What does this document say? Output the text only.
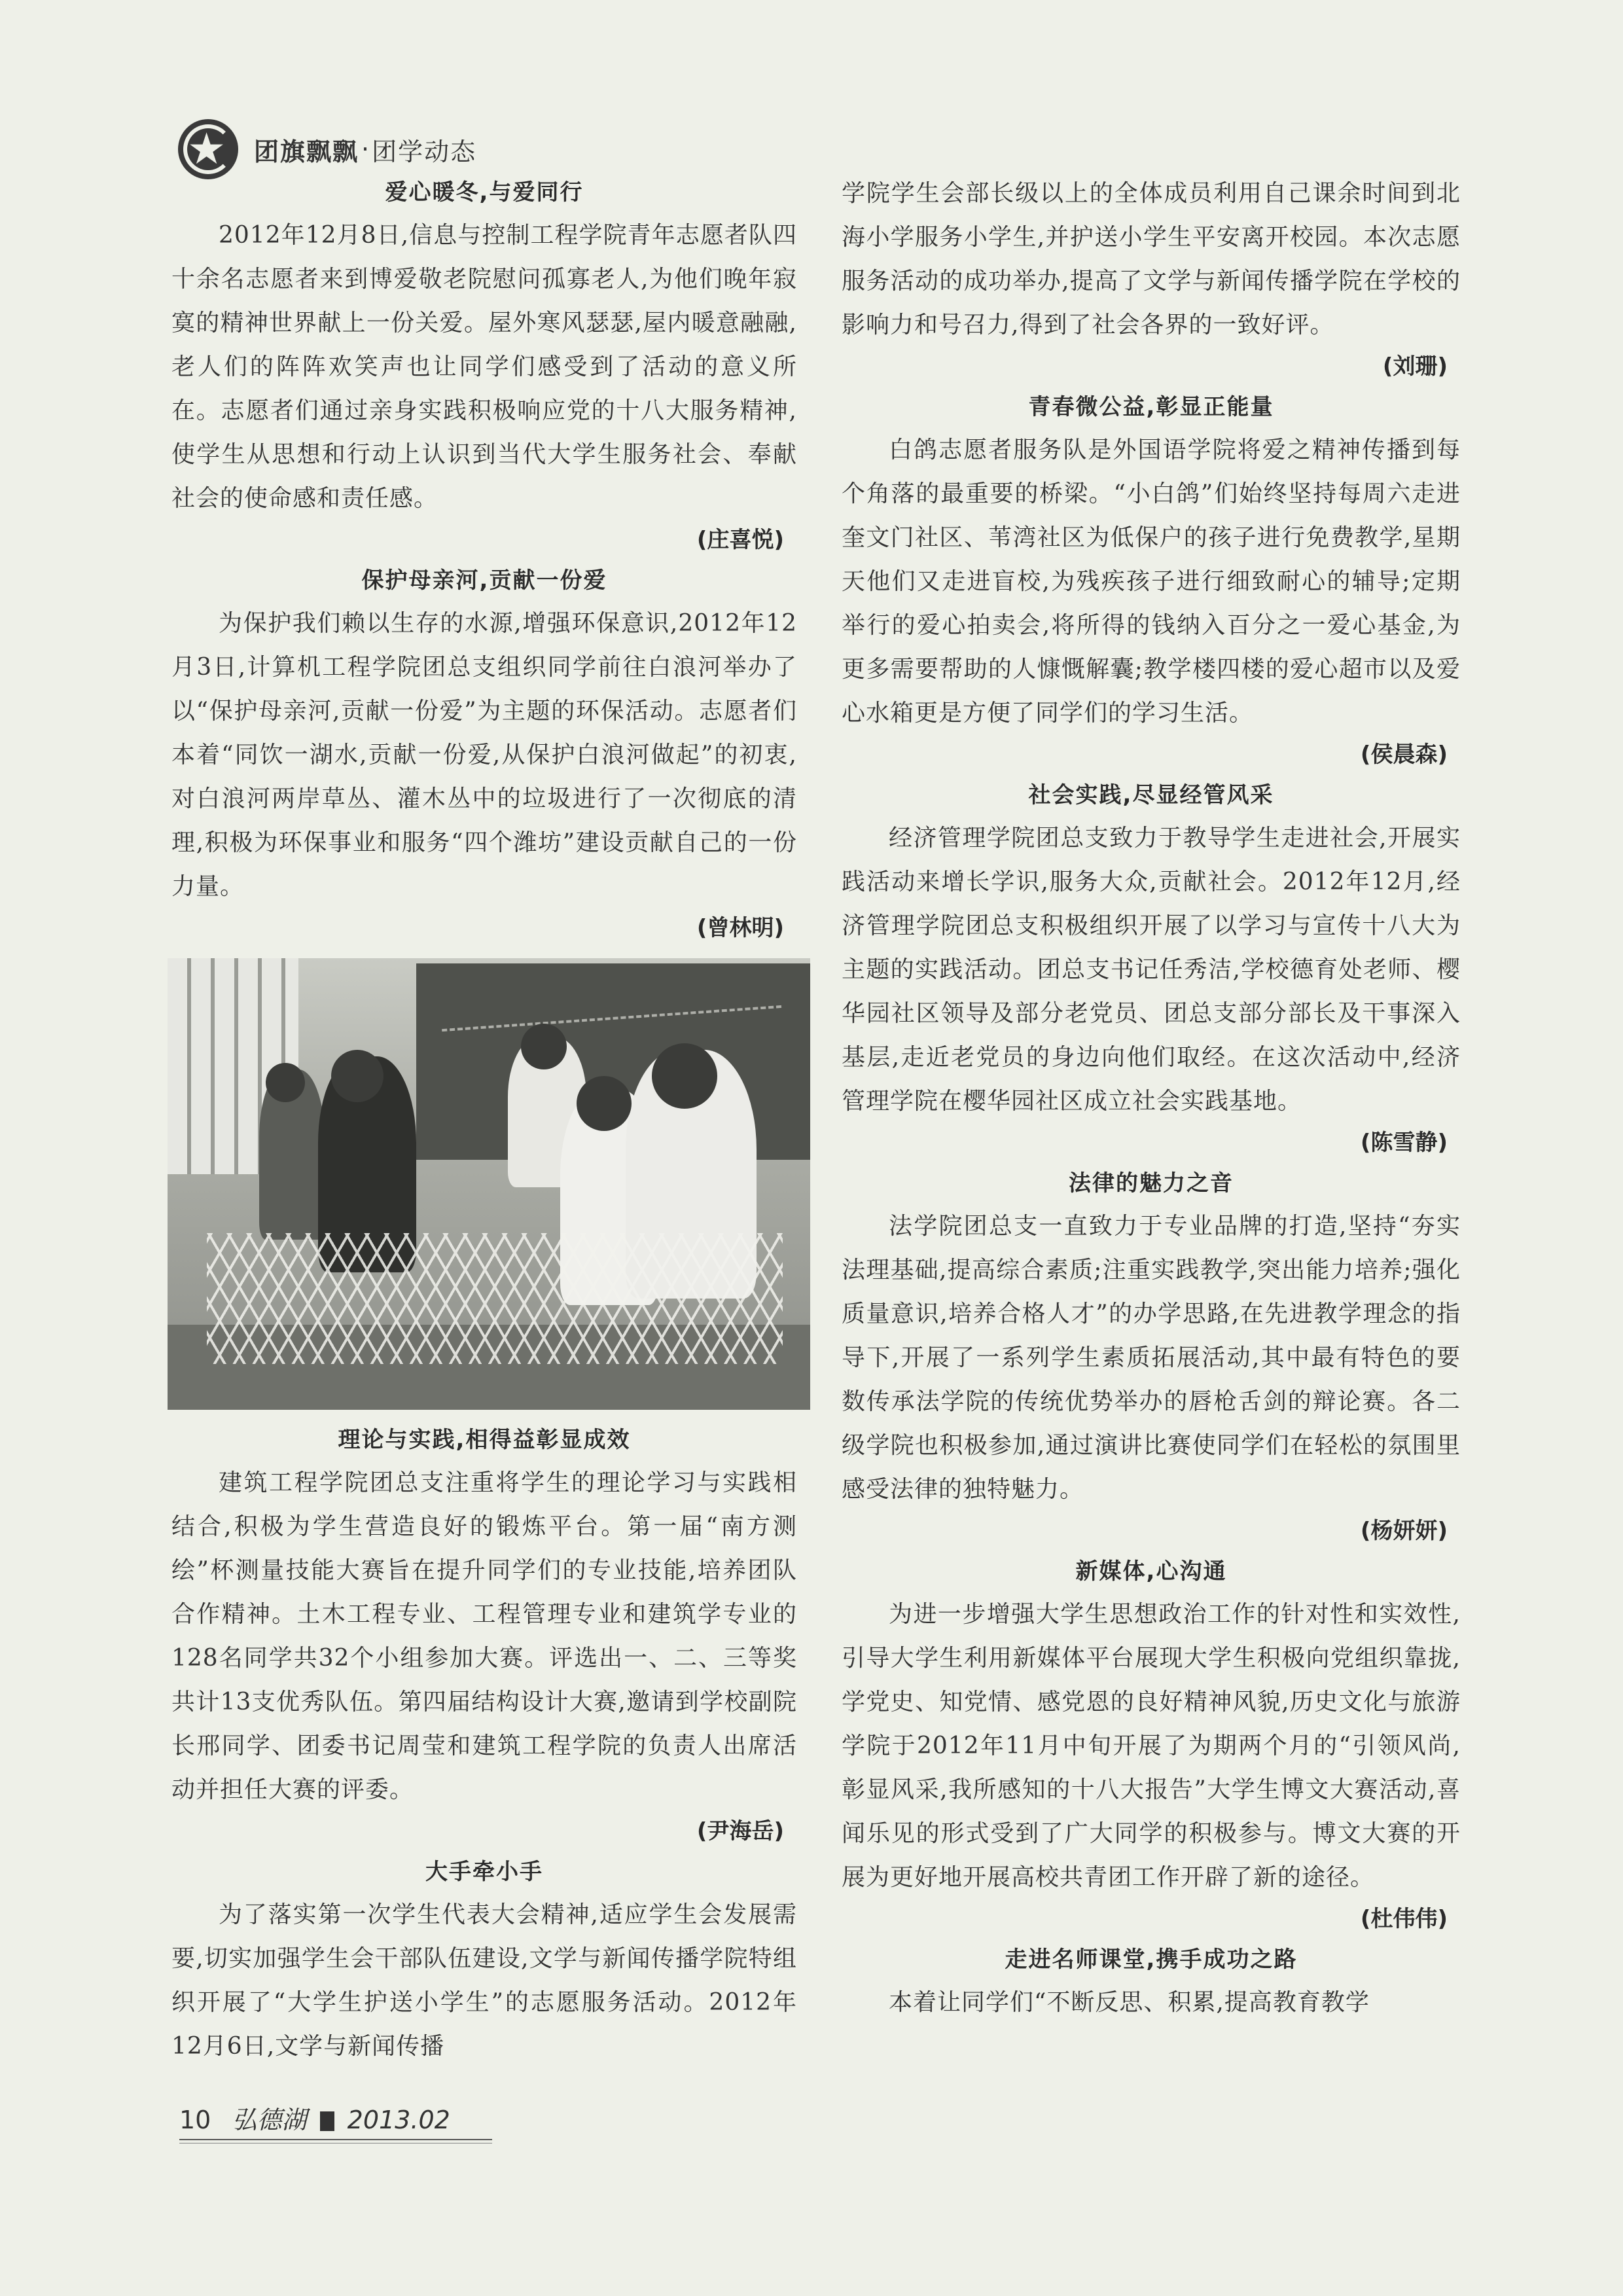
★ 团旗飘飘 · 团学动态
爱心暖冬,与爱同行

2012年12月8日,信息与控制工程学院青年志愿者队四十余名志愿者来到博爱敬老院慰问孤寡老人,为他们晚年寂寞的精神世界献上一份关爱。屋外寒风瑟瑟,屋内暖意融融,老人们的阵阵欢笑声也让同学们感受到了活动的意义所在。志愿者们通过亲身实践积极响应党的十八大服务精神,使学生从思想和行动上认识到当代大学生服务社会、奉献社会的使命感和责任感。

(庄喜悦)
保护母亲河,贡献一份爱

为保护我们赖以生存的水源,增强环保意识,2012年12月3日,计算机工程学院团总支组织同学前往白浪河举办了以“保护母亲河,贡献一份爱”为主题的环保活动。志愿者们本着“同饮一湖水,贡献一份爱,从保护白浪河做起”的初衷,对白浪河两岸草丛、灌木丛中的垃圾进行了一次彻底的清理,积极为环保事业和服务“四个潍坊”建设贡献自己的一份力量。

(曾林明)
理论与实践,相得益彰显成效

建筑工程学院团总支注重将学生的理论学习与实践相结合,积极为学生营造良好的锻炼平台。第一届“南方测绘”杯测量技能大赛旨在提升同学们的专业技能,培养团队合作精神。土木工程专业、工程管理专业和建筑学专业的128名同学共32个小组参加大赛。评选出一、二、三等奖共计13支优秀队伍。第四届结构设计大赛,邀请到学校副院长邢同学、团委书记周莹和建筑工程学院的负责人出席活动并担任大赛的评委。

(尹海岳)
大手牵小手

为了落实第一次学生代表大会精神,适应学生会发展需要,切实加强学生会干部队伍建设,文学与新闻传播学院特组织开展了“大学生护送小学生”的志愿服务活动。2012年12月6日,文学与新闻传播

学院学生会部长级以上的全体成员利用自己课余时间到北海小学服务小学生,并护送小学生平安离开校园。本次志愿服务活动的成功举办,提高了文学与新闻传播学院在学校的影响力和号召力,得到了社会各界的一致好评。

(刘珊)
青春微公益,彰显正能量

白鸽志愿者服务队是外国语学院将爱之精神传播到每个角落的最重要的桥梁。“小白鸽”们始终坚持每周六走进奎文门社区、苇湾社区为低保户的孩子进行免费教学,星期天他们又走进盲校,为残疾孩子进行细致耐心的辅导;定期举行的爱心拍卖会,将所得的钱纳入百分之一爱心基金,为更多需要帮助的人慷慨解囊;教学楼四楼的爱心超市以及爱心水箱更是方便了同学们的学习生活。

(侯晨森)
社会实践,尽显经管风采

经济管理学院团总支致力于教导学生走进社会,开展实践活动来增长学识,服务大众,贡献社会。2012年12月,经济管理学院团总支积极组织开展了以学习与宣传十八大为主题的实践活动。团总支书记任秀洁,学校德育处老师、樱华园社区领导及部分老党员、团总支部分部长及干事深入基层,走近老党员的身边向他们取经。在这次活动中,经济管理学院在樱华园社区成立社会实践基地。

(陈雪静)
法律的魅力之音

法学院团总支一直致力于专业品牌的打造,坚持“夯实法理基础,提高综合素质;注重实践教学,突出能力培养;强化质量意识,培养合格人才”的办学思路,在先进教学理念的指导下,开展了一系列学生素质拓展活动,其中最有特色的要数传承法学院的传统优势举办的唇枪舌剑的辩论赛。各二级学院也积极参加,通过演讲比赛使同学们在轻松的氛围里感受法律的独特魅力。

(杨妍妍)
新媒体,心沟通

为进一步增强大学生思想政治工作的针对性和实效性,引导大学生利用新媒体平台展现大学生积极向党组织靠拢,学党史、知党情、感党恩的良好精神风貌,历史文化与旅游学院于2012年11月中旬开展了为期两个月的“引领风尚,彰显风采,我所感知的十八大报告”大学生博文大赛活动,喜闻乐见的形式受到了广大同学的积极参与。博文大赛的开展为更好地开展高校共青团工作开辟了新的途径。

(杜伟伟)
走进名师课堂,携手成功之路

本着让同学们“不断反思、积累,提高教育教学

10 弘德湖 2013.02
